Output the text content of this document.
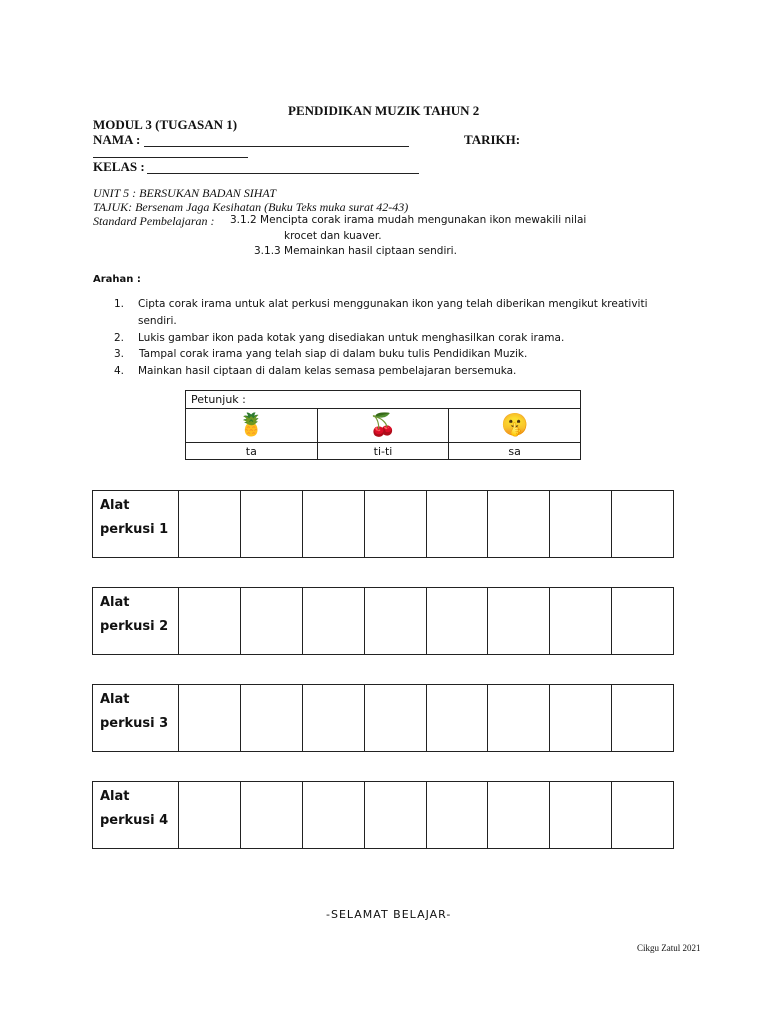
PENDIDIKAN MUZIK TAHUN 2
MODUL 3 (TUGASAN 1)
NAMA :	TARIKH:
KELAS :
UNIT 5 : BERSUKAN BADAN SIHAT
TAJUK: Bersenam Jaga Kesihatan (Buku Teks muka surat 42-43)
Standard Pembelajaran : 3.1.2 Mencipta corak irama mudah mengunakan ikon mewakili nilai
krocet dan kuaver.
3.1.3 Memainkan hasil ciptaan sendiri.
Arahan :
1. Cipta corak irama untuk alat perkusi menggunakan ikon yang telah diberikan mengikut kreativiti
sendiri.
2. Lukis gambar ikon pada kotak yang disediakan untuk menghasilkan corak irama.
3. Tampal corak irama yang telah siap di dalam buku tulis Pendidikan Muzik.
4. Mainkan hasil ciptaan di dalam kelas semasa pembelajaran bersemuka.
Petunjuk :		
🍍	🍒	🤫
ta	ti-ti	sa
Alat
perkusi 1
Alat
perkusi 2
Alat
perkusi 3
Alat
perkusi 4
-SELAMAT BELAJAR-
Cikgu Zatul 2021
